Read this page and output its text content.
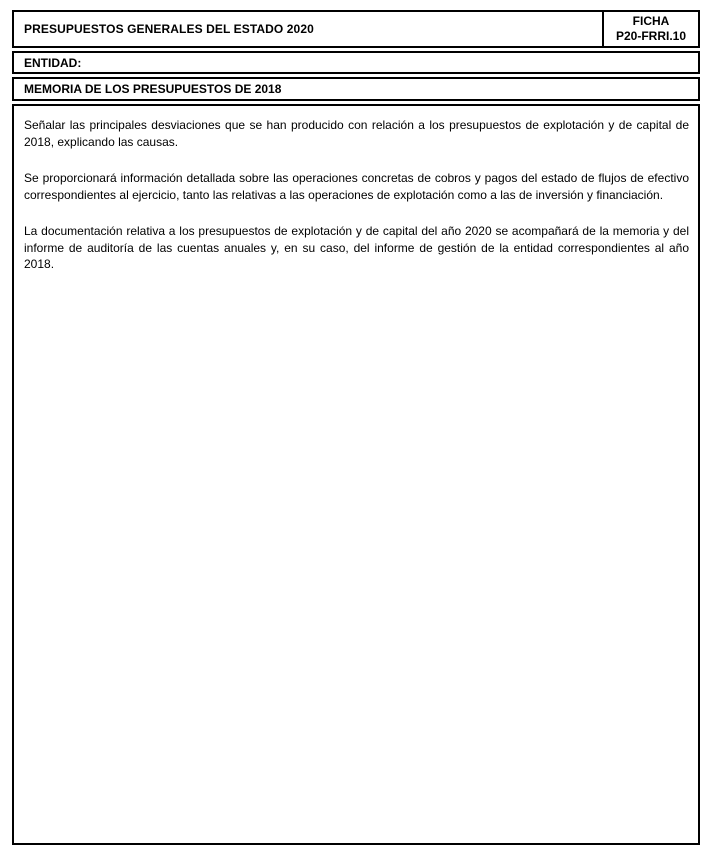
PRESUPUESTOS GENERALES DEL ESTADO 2020
FICHA
P20-FRRI.10
ENTIDAD:
MEMORIA DE LOS PRESUPUESTOS DE 2018

Señalar las principales desviaciones que se han producido con relación a los presupuestos de explotación y de capital de 2018, explicando las causas.

Se proporcionará información detallada sobre las operaciones concretas de cobros y pagos del estado de flujos de efectivo correspondientes al ejercicio, tanto las relativas a las operaciones de explotación como a las de inversión y financiación.

La documentación relativa a los presupuestos de explotación y de capital del año 2020 se acompañará de la memoria y del informe de auditoría de las cuentas anuales y, en su caso, del informe de gestión de la entidad correspondientes al año 2018.
